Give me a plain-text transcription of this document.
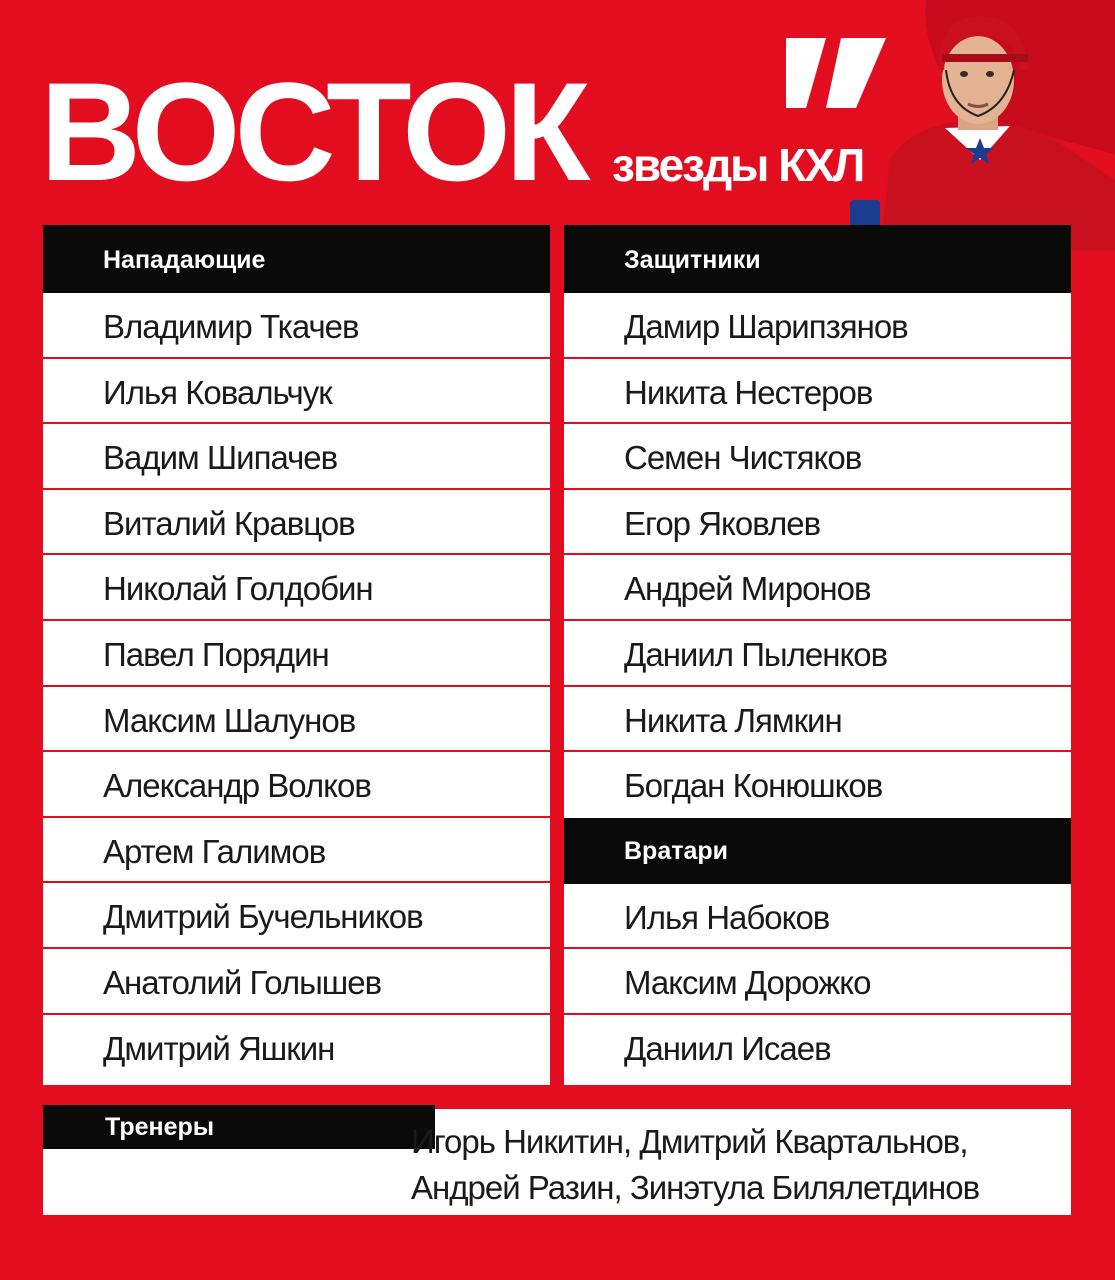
ВОСТОК звезды КХЛ
Нападающие
Владимир Ткачев
Илья Ковальчук
Вадим Шипачев
Виталий Кравцов
Николай Голдобин
Павел Порядин
Максим Шалунов
Александр Волков
Артем Галимов
Дмитрий Бучельников
Анатолий Голышев
Дмитрий Яшкин
Защитники
Дамир Шарипзянов
Никита Нестеров
Семен Чистяков
Егор Яковлев
Андрей Миронов
Даниил Пыленков
Никита Лямкин
Богдан Конюшков
Вратари
Илья Набоков
Максим Дорожко
Даниил Исаев
Тренеры	Игорь Никитин, Дмитрий Квартальнов,
Андрей Разин, Зинэтула Билялетдинов
